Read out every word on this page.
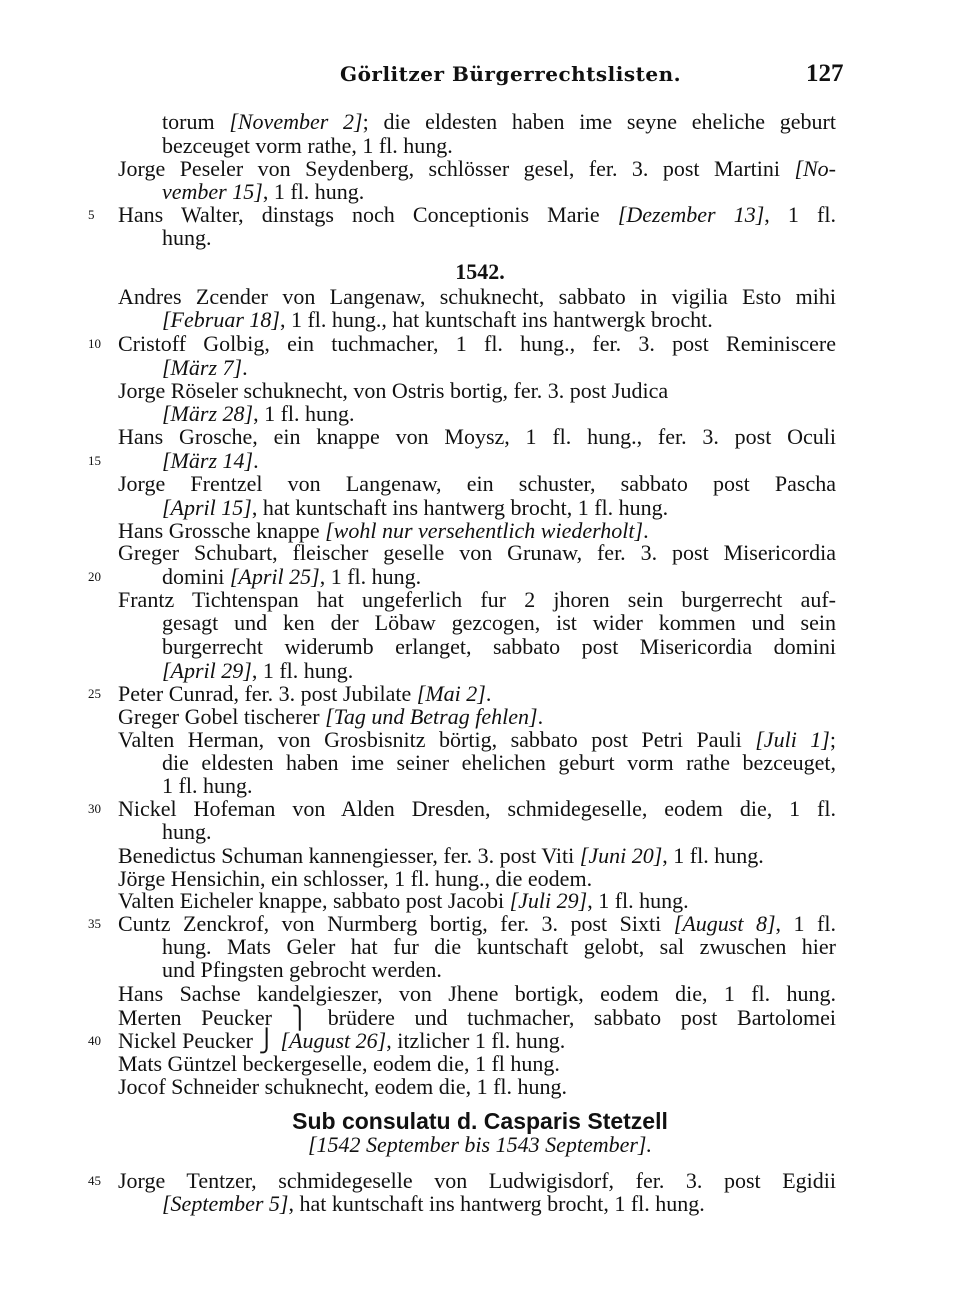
Görlitzer Bürgerrechtslisten.	127
torum [November 2]; die eldesten haben ime seyne eheliche geburt
bezceuget vorm rathe, 1 fl. hung.
Jorge Peseler von Seydenberg, schlösser gesel, fer. 3. post Martini [No-
vember 15], 1 fl. hung.
5	Hans Walter, dinstags noch Conceptionis Marie [Dezember 13], 1 fl.
hung.
1542.
Andres Zcender von Langenaw, schuknecht, sabbato in vigilia Esto mihi
[Februar 18], 1 fl. hung., hat kuntschaft ins hantwergk brocht.
10 Cristoff Golbig, ein tuchmacher, 1 fl. hung., fer. 3. post Reminiscere
[März 7].
Jorge Röseler schuknecht, von Ostris bortig, fer. 3. post Judica
[März 28], 1 fl. hung.
Hans Grosche, ein knappe von Moysz, 1 fl. hung., fer. 3. post Oculi
15	[März 14].
Jorge Frentzel von Langenaw, ein schuster, sabbato post Pascha
[April 15], hat kuntschaft ins hantwerg brocht, 1 fl. hung.
Hans Grossche knappe [wohl nur versehentlich wiederholt].
Greger Schubart, fleischer geselle von Grunaw, fer. 3. post Misericordia
20	domini [April 25], 1 fl. hung.
Frantz Tichtenspan hat ungeferlich fur 2 jhoren sein burgerrecht auf-
gesagt und ken der Löbaw gezcogen, ist wider kommen und sein
burgerrecht widerumb erlanget, sabbato post Misericordia domini
[April 29], 1 fl. hung.
25 Peter Cunrad, fer. 3. post Jubilate [Mai 2].
Greger Gobel tischerer [Tag und Betrag fehlen].
Valten Herman, von Grosbisnitz börtig, sabbato post Petri Pauli [Juli 1];
die eldesten haben ime seiner ehelichen geburt vorm rathe bezceuget,
1 fl. hung.
30 Nickel Hofeman von Alden Dresden, schmidegeselle, eodem die, 1 fl.
hung.
Benedictus Schuman kannengiesser, fer. 3. post Viti [Juni 20], 1 fl. hung.
Jörge Hensichin, ein schlosser, 1 fl. hung., die eodem.
Valten Eicheler knappe, sabbato post Jacobi [Juli 29], 1 fl. hung.
35 Cuntz Zenckrof, von Nurmberg bortig, fer. 3. post Sixti [August 8], 1 fl.
hung. Mats Geler hat fur die kuntschaft gelobt, sal zwuschen hier
und Pfingsten gebrocht werden.
Hans Sachse kandelgieszer, von Jhene bortigk, eodem die, 1 fl. hung.
Merten Peucker ⎫ brüdere und tuchmacher, sabbato post Bartolomei
40 Nickel Peucker ⎭ [August 26], itzlicher 1 fl. hung.
Mats Güntzel beckergeselle, eodem die, 1 fl hung.
Jocof Schneider schuknecht, eodem die, 1 fl. hung.
Sub consulatu d. Casparis Stetzell
[1542 September bis 1543 September].
45 Jorge Tentzer, schmidegeselle von Ludwigisdorf, fer. 3. post Egidii
[September 5], hat kuntschaft ins hantwerg brocht, 1 fl. hung.
